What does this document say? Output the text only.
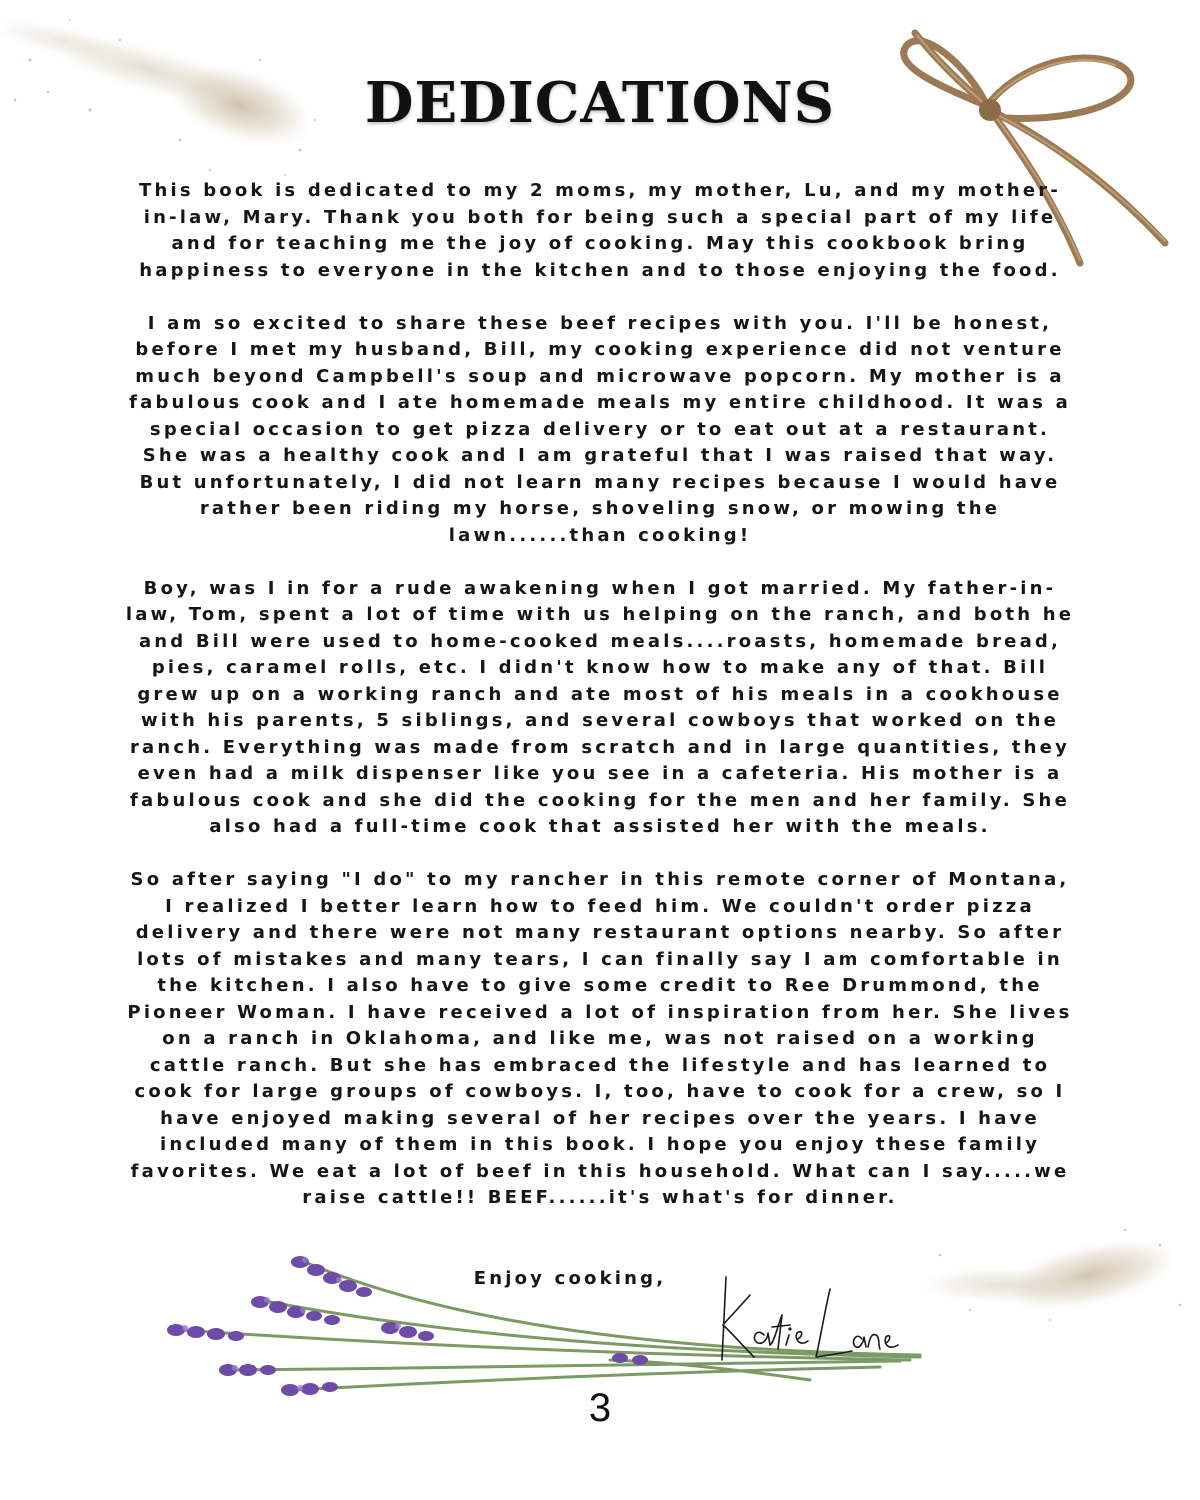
DEDICATIONS

This book is dedicated to my 2 moms, my mother, Lu, and my mother-in-law, Mary. Thank you both for being such a special part of my life and for teaching me the joy of cooking. May this cookbook bring happiness to everyone in the kitchen and to those enjoying the food.

I am so excited to share these beef recipes with you. I'll be honest, before I met my husband, Bill, my cooking experience did not venture much beyond Campbell's soup and microwave popcorn. My mother is a fabulous cook and I ate homemade meals my entire childhood. It was a special occasion to get pizza delivery or to eat out at a restaurant. She was a healthy cook and I am grateful that I was raised that way. But unfortunately, I did not learn many recipes because I would have rather been riding my horse, shoveling snow, or mowing the lawn......than cooking!

Boy, was I in for a rude awakening when I got married. My father-in-law, Tom, spent a lot of time with us helping on the ranch, and both he and Bill were used to home-cooked meals....roasts, homemade bread, pies, caramel rolls, etc. I didn't know how to make any of that. Bill grew up on a working ranch and ate most of his meals in a cookhouse with his parents, 5 siblings, and several cowboys that worked on the ranch. Everything was made from scratch and in large quantities, they even had a milk dispenser like you see in a cafeteria. His mother is a fabulous cook and she did the cooking for the men and her family. She also had a full-time cook that assisted her with the meals.

So after saying "I do" to my rancher in this remote corner of Montana, I realized I better learn how to feed him. We couldn't order pizza delivery and there were not many restaurant options nearby. So after lots of mistakes and many tears, I can finally say I am comfortable in the kitchen. I also have to give some credit to Ree Drummond, the Pioneer Woman. I have received a lot of inspiration from her. She lives on a ranch in Oklahoma, and like me, was not raised on a working cattle ranch. But she has embraced the lifestyle and has learned to cook for large groups of cowboys. I, too, have to cook for a crew, so I have enjoyed making several of her recipes over the years. I have included many of them in this book. I hope you enjoy these family favorites. We eat a lot of beef in this household. What can I say.....we raise cattle!! BEEF......it's what's for dinner.

Enjoy cooking,
3
